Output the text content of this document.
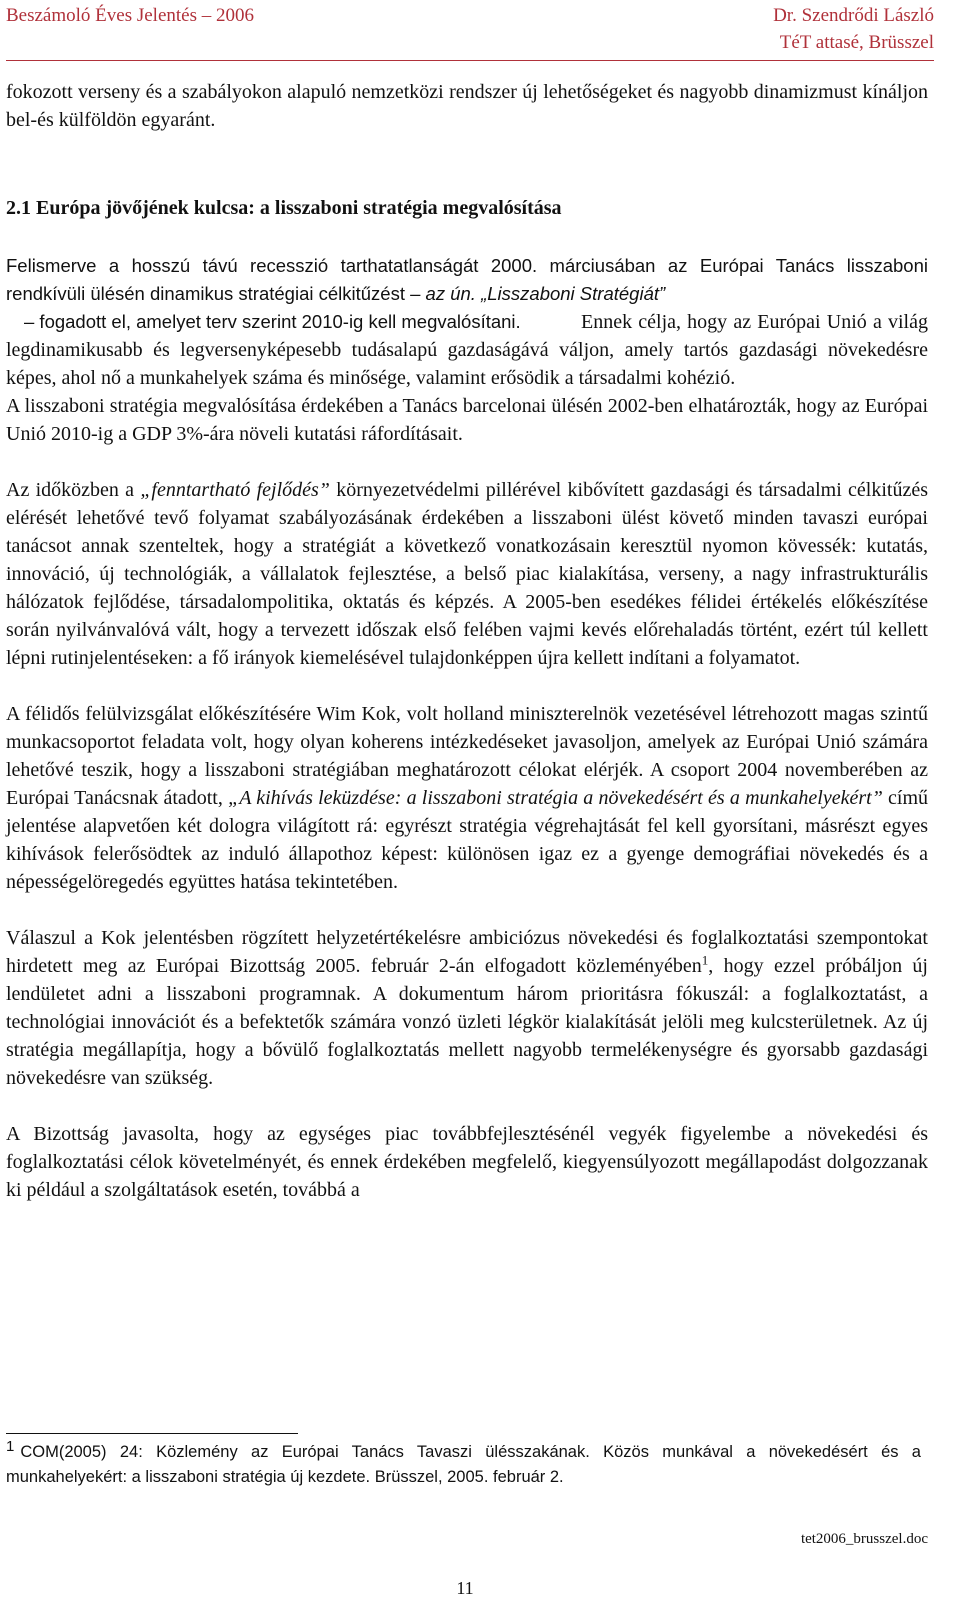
Beszámoló Éves Jelentés – 2006	Dr. Szendrődi László
TéT attasé, Brüsszel

fokozott verseny és a szabályokon alapuló nemzetközi rendszer új lehetőségeket és nagyobb dinamizmust kínáljon bel-és külföldön egyaránt.

2.1 Európa jövőjének kulcsa: a lisszaboni stratégia megvalósítása

Felismerve a hosszú távú recesszió tarthatatlanságát 2000. márciusában az Európai Tanács lisszaboni rendkívüli ülésén dinamikus stratégiai célkitűzést – az ún. „Lisszaboni Stratégiát”

– fogadott el, amelyet terv szerint 2010-ig kell megvalósítani.	Ennek célja, hogy az Európai Unió a világ legdinamikusabb és legversenyképesebb tudásalapú gazdaságává váljon, amely tartós gazdasági növekedésre képes, ahol nő a munkahelyek száma és minősége, valamint erősödik a társadalmi kohézió.

A lisszaboni stratégia megvalósítása érdekében a Tanács barcelonai ülésén 2002-ben elhatározták, hogy az Európai Unió 2010-ig a GDP 3%-ára növeli kutatási ráfordításait.

Az időközben a „fenntartható fejlődés” környezetvédelmi pillérével kibővített gazdasági és társadalmi célkitűzés elérését lehetővé tevő folyamat szabályozásának érdekében a lisszaboni ülést követő minden tavaszi európai tanácsot annak szenteltek, hogy a stratégiát a következő vonatkozásain keresztül nyomon kövessék: kutatás, innováció, új technológiák, a vállalatok fejlesztése, a belső piac kialakítása, verseny, a nagy infrastrukturális hálózatok fejlődése, társadalompolitika, oktatás és képzés. A 2005-ben esedékes félidei értékelés előkészítése során nyilvánvalóvá vált, hogy a tervezett időszak első felében vajmi kevés előrehaladás történt, ezért túl kellett lépni rutinjelentéseken: a fő irányok kiemelésével tulajdonképpen újra kellett indítani a folyamatot.

A félidős felülvizsgálat előkészítésére Wim Kok, volt holland miniszterelnök vezetésével létrehozott magas szintű munkacsoportot feladata volt, hogy olyan koherens intézkedéseket javasoljon, amelyek az Európai Unió számára lehetővé teszik, hogy a lisszaboni stratégiában meghatározott célokat elérjék. A csoport 2004 novemberében az Európai Tanácsnak átadott, „A kihívás leküzdése: a lisszaboni stratégia a növekedésért és a munkahelyekért” című jelentése alapvetően két dologra világított rá: egyrészt stratégia végrehajtását fel kell gyorsítani, másrészt egyes kihívások felerősödtek az induló állapothoz képest: különösen igaz ez a gyenge demográfiai növekedés és a népességelöregedés együttes hatása tekintetében.

Válaszul a Kok jelentésben rögzített helyzetértékelésre ambiciózus növekedési és foglalkoztatási szempontokat hirdetett meg az Európai Bizottság 2005. február 2-án elfogadott közleményében$^1$, hogy ezzel próbáljon új lendületet adni a lisszaboni programnak. A dokumentum három prioritásra fókuszál: a foglalkoztatást, a technológiai innovációt és a befektetők számára vonzó üzleti légkör kialakítását jelöli meg kulcsterületnek. Az új stratégia megállapítja, hogy a bővülő foglalkoztatás mellett nagyobb termelékenységre és gyorsabb gazdasági növekedésre van szükség.

A Bizottság javasolta, hogy az egységes piac továbbfejlesztésénél vegyék figyelembe a növekedési és foglalkoztatási célok követelményét, és ennek érdekében megfelelő, kiegyensúlyozott megállapodást dolgozzanak ki például a szolgáltatások esetén, továbbá a

1 COM(2005) 24: Közlemény az Európai Tanács Tavaszi ülésszakának. Közös munkával a növekedésért és a munkahelyekért: a lisszaboni stratégia új kezdete. Brüsszel, 2005. február 2.
tet2006_brusszel.doc
11
